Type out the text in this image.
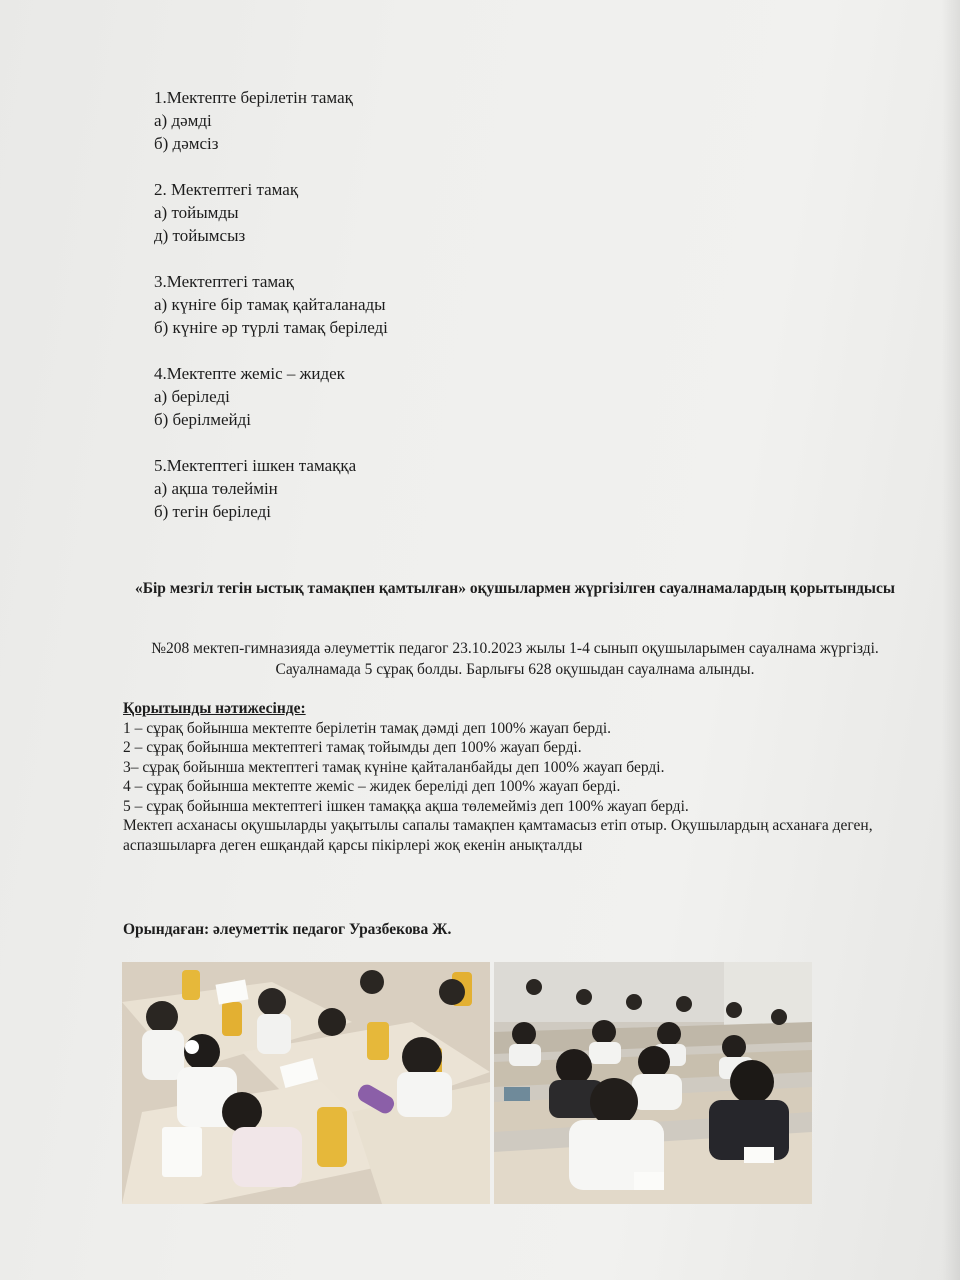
1.Мектепте берілетін тамақ
а) дәмді
б) дәмсіз
2. Мектептегі тамақ
а) тойымды
д) тойымсыз
3.Мектептегі тамақ
а) күніге бір тамақ қайталанады
б) күніге әр түрлі тамақ беріледі
4.Мектепте жеміс – жидек
а) беріледі
б) берілмейді
5.Мектептегі ішкен тамаққа
а) ақша төлеймін
б) тегін беріледі
«Бір мезгіл тегін ыстық тамақпен қамтылған» оқушылармен жүргізілген сауалнамалардың қорытындысы
№208 мектеп-гимназияда әлеуметтік педагог 23.10.2023 жылы 1-4 сынып оқушыларымен сауалнама жүргізді. Сауалнамада 5 сұрақ болды. Барлығы 628 оқушыдан сауалнама алынды.
Қорытынды нәтижесінде:
1 – сұрақ бойынша мектепте берілетін тамақ дәмді деп 100% жауап берді.
2 – сұрақ бойынша мектептегі тамақ тойымды деп 100% жауап берді.
3– сұрақ бойынша мектептегі тамақ күніне қайталанбайды деп 100% жауап берді.
4 – сұрақ бойынша мектепте жеміс – жидек береліді деп 100% жауап берді.
5 – сұрақ бойынша мектептегі ішкен тамаққа ақша төлемейміз деп 100% жауап берді.
Мектеп асханасы оқушыларды уақытылы сапалы тамақпен қамтамасыз етіп отыр. Оқушылардың асханаға деген, аспазшыларға деген ешқандай қарсы пікірлері жоқ екенін анықталды
Орындаған: әлеуметтік педагог Уразбекова Ж.
